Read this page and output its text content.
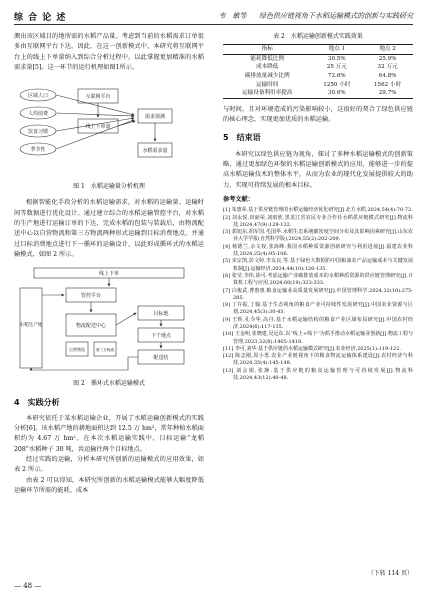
综 合 论 述	韦　敏等 绿色供应链视角下水稻运输模式的创新与实践研究

测出该区域目的地所需的水稻产品量。考虑到当前的水稻需求订单很多由互联网平台下达，因此，在这一创新模式中，本研究将互联网平台上的线上下单量纳入到综合分析过程中，以此掌握更加精准的水稻需求量[5]。这一环节的运行机理如图1所示。

区域人口
人均消费
饮食习惯
季节性
互联网平台
线上下单量
需求预测
水稻需求量
图 1　水稻运输量分析机理

根据智能化手段分析的水稻运输需求，对水稻的运输量、运输时间等数据进行优化设计。通过建立综合的水稻运输管控平台，对水稻的生产地进行运输订单的下达，完成水稻的包装与装载后，由物流配送中心以自营物流和第三方物流两种形式运输到目标消费地点，并通过目标消费地点进行下一循环的运输设计，以此形成循环式的水稻运输模式，如图 2 所示。

线上下单
水稻生产地
管控平台
物流配送中心
自营物流	第三方物流
目标地
下个地点
配送结
图 2　循环式水稻运输模式
4　实践分析

本研究依托于某水稻运输企业，开展了水稻运输创新模式的实践分析[6]。该水稻产地的耕地面积达到 12.5 万 hm²，常年种植水稻面积约为 4.67 万 hm²。在本次水稻运输实践中，目标运输“龙稻208”水稻种子 30 吨，共运输往两个目标地点。

经过实践的运输，分析本研究所创新的运输模式的应用效果，如表 2 所示。

由表 2 可以得知，本研究所创新的水稻运输模式能够大幅度降低运输环节所需的能耗、成本

表 2　水稻运输创新模式实践效果
指标	地点 1	地点 2
能耗降低比例	30.5%	25.9%
成本降低	25 万元	32 万元
碳排放量减少比例	72.6%	64.8%
运输时间	1250 小时	1562 小时
运输设备利用率提高	30.6%	29.7%

与时间，且对环境造成的污染影响较小，这很好的契合了绿色供应链的核心理念，实现更加优质的水稻运输。

5　结束语

本研究以绿色供应链为视角，探讨了多种水稻运输模式的创新策略，通过更加绿色环保的水稻运输创新模式的应用，能够进一步的提高水稻运输技术的整体水平，从而为农业的现代化发展提供较大的助力，实现可持续发展的根本目标。

参考文献：
[1] 朱惠荣.基于供应链管理的水稻运输经济优化研究[J].北方水稻,2024,54(4):70-72.
[2] 刘永悦,田丽荣,刘雨欣.黑龙江省农民专业合作社水稻供应链模式研究[J].物流科技,2024,47(9):128-132.
[3] 郭旭东,胡军国,毛国华.水稻生态系统碳密度空间分布及其影响因素研究[J].山东农业大学学报(自然科学版),2024,55(2):202-209.
[4] 杨德兰,余文权,张海峰.我国水稻种质资源创新研究与利用进展[J].福建农业科技,2024,25(4):95-106.
[5] 宋宗凯,彭文婷,李友良,等.基于绿色大数据的中国粮油农产品运输成本与关键发展机制[J].运输经济,2024,44(10):126-135.
[6] 张莹,李伟,徐可.考虑运输产业碳排放成本的水稻种质资源的供应链管理研究[J].计算机工程与应用,2024,60(19):323-333.
[7] 白俊武,曹惠惠.粮食运输业高质量发展研究[J].中国管理科学,2024,32(10):275-285.
[8] 丁存振,丁翰.基于生态视角的粮食产业可持续性发展研究[J].中国农业资源与区划,2024,45(3):30-43.
[9] 王辉,孔令华,高丹.基于水稻运输结构的粮食产业区域布局研究[J].中国农村经济,2024(6):117-135.
[10] 王金明,张晓建,吴远东.以“线上+线下”为抓手推动水稻运输业创新[J].物流工程与管理,2023,32(8):1405-1418.
[11] 李可,刘华.基于供应链的水稻运输模式研究[J].农业经济,2025(1):119-122.
[12] 陈志刚,周小勇.农业产业链视角下的粮食物流运输体系建设[J].农村经济与科技,2024,35(4):145-148.
[13] 刘会娟,张静.基于供应链的粮食运输管理与可持续发展[J].物流科技,2024,43(12):40-48.
— 48 —
（下转 114 页）
